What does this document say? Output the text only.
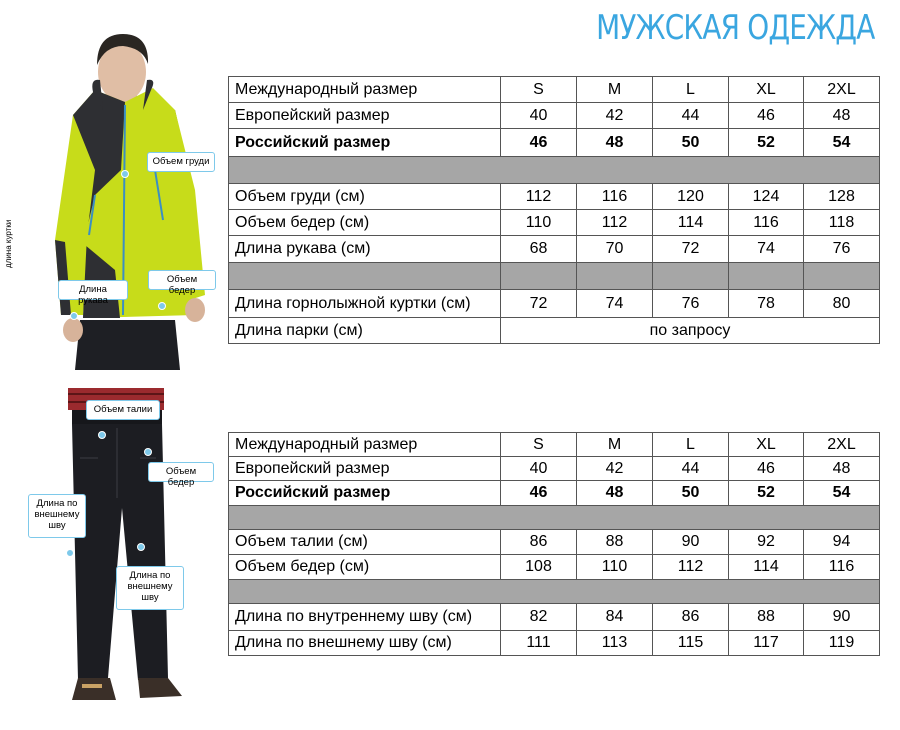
МУЖСКАЯ ОДЕЖДА
Объем груди
Длина рукава
Объем бедер
длина куртки
Объем талии
Объем бедер
Длина по внешнему шву
Длина по внешнему шву
Международный размер	S	M	L	XL	2XL
Европейский размер	40	42	44	46	48
Российский размер	46	48	50	52	54

Объем груди (см)	112	116	120	124	128
Объем бедер (см)	110	112	114	116	118
Длина рукава (см)	68	70	72	74	76

Длина горнолыжной куртки (см)	72	74	76	78	80
Длина парки (см)	по запросу				
Международный размер	S	M	L	XL	2XL
Европейский размер	40	42	44	46	48
Российский размер	46	48	50	52	54

Объем талии (см)	86	88	90	92	94
Объем бедер (см)	108	110	112	114	116

Длина по внутреннему шву (см)	82	84	86	88	90
Длина по внешнему шву (см)	111	113	115	117	119
